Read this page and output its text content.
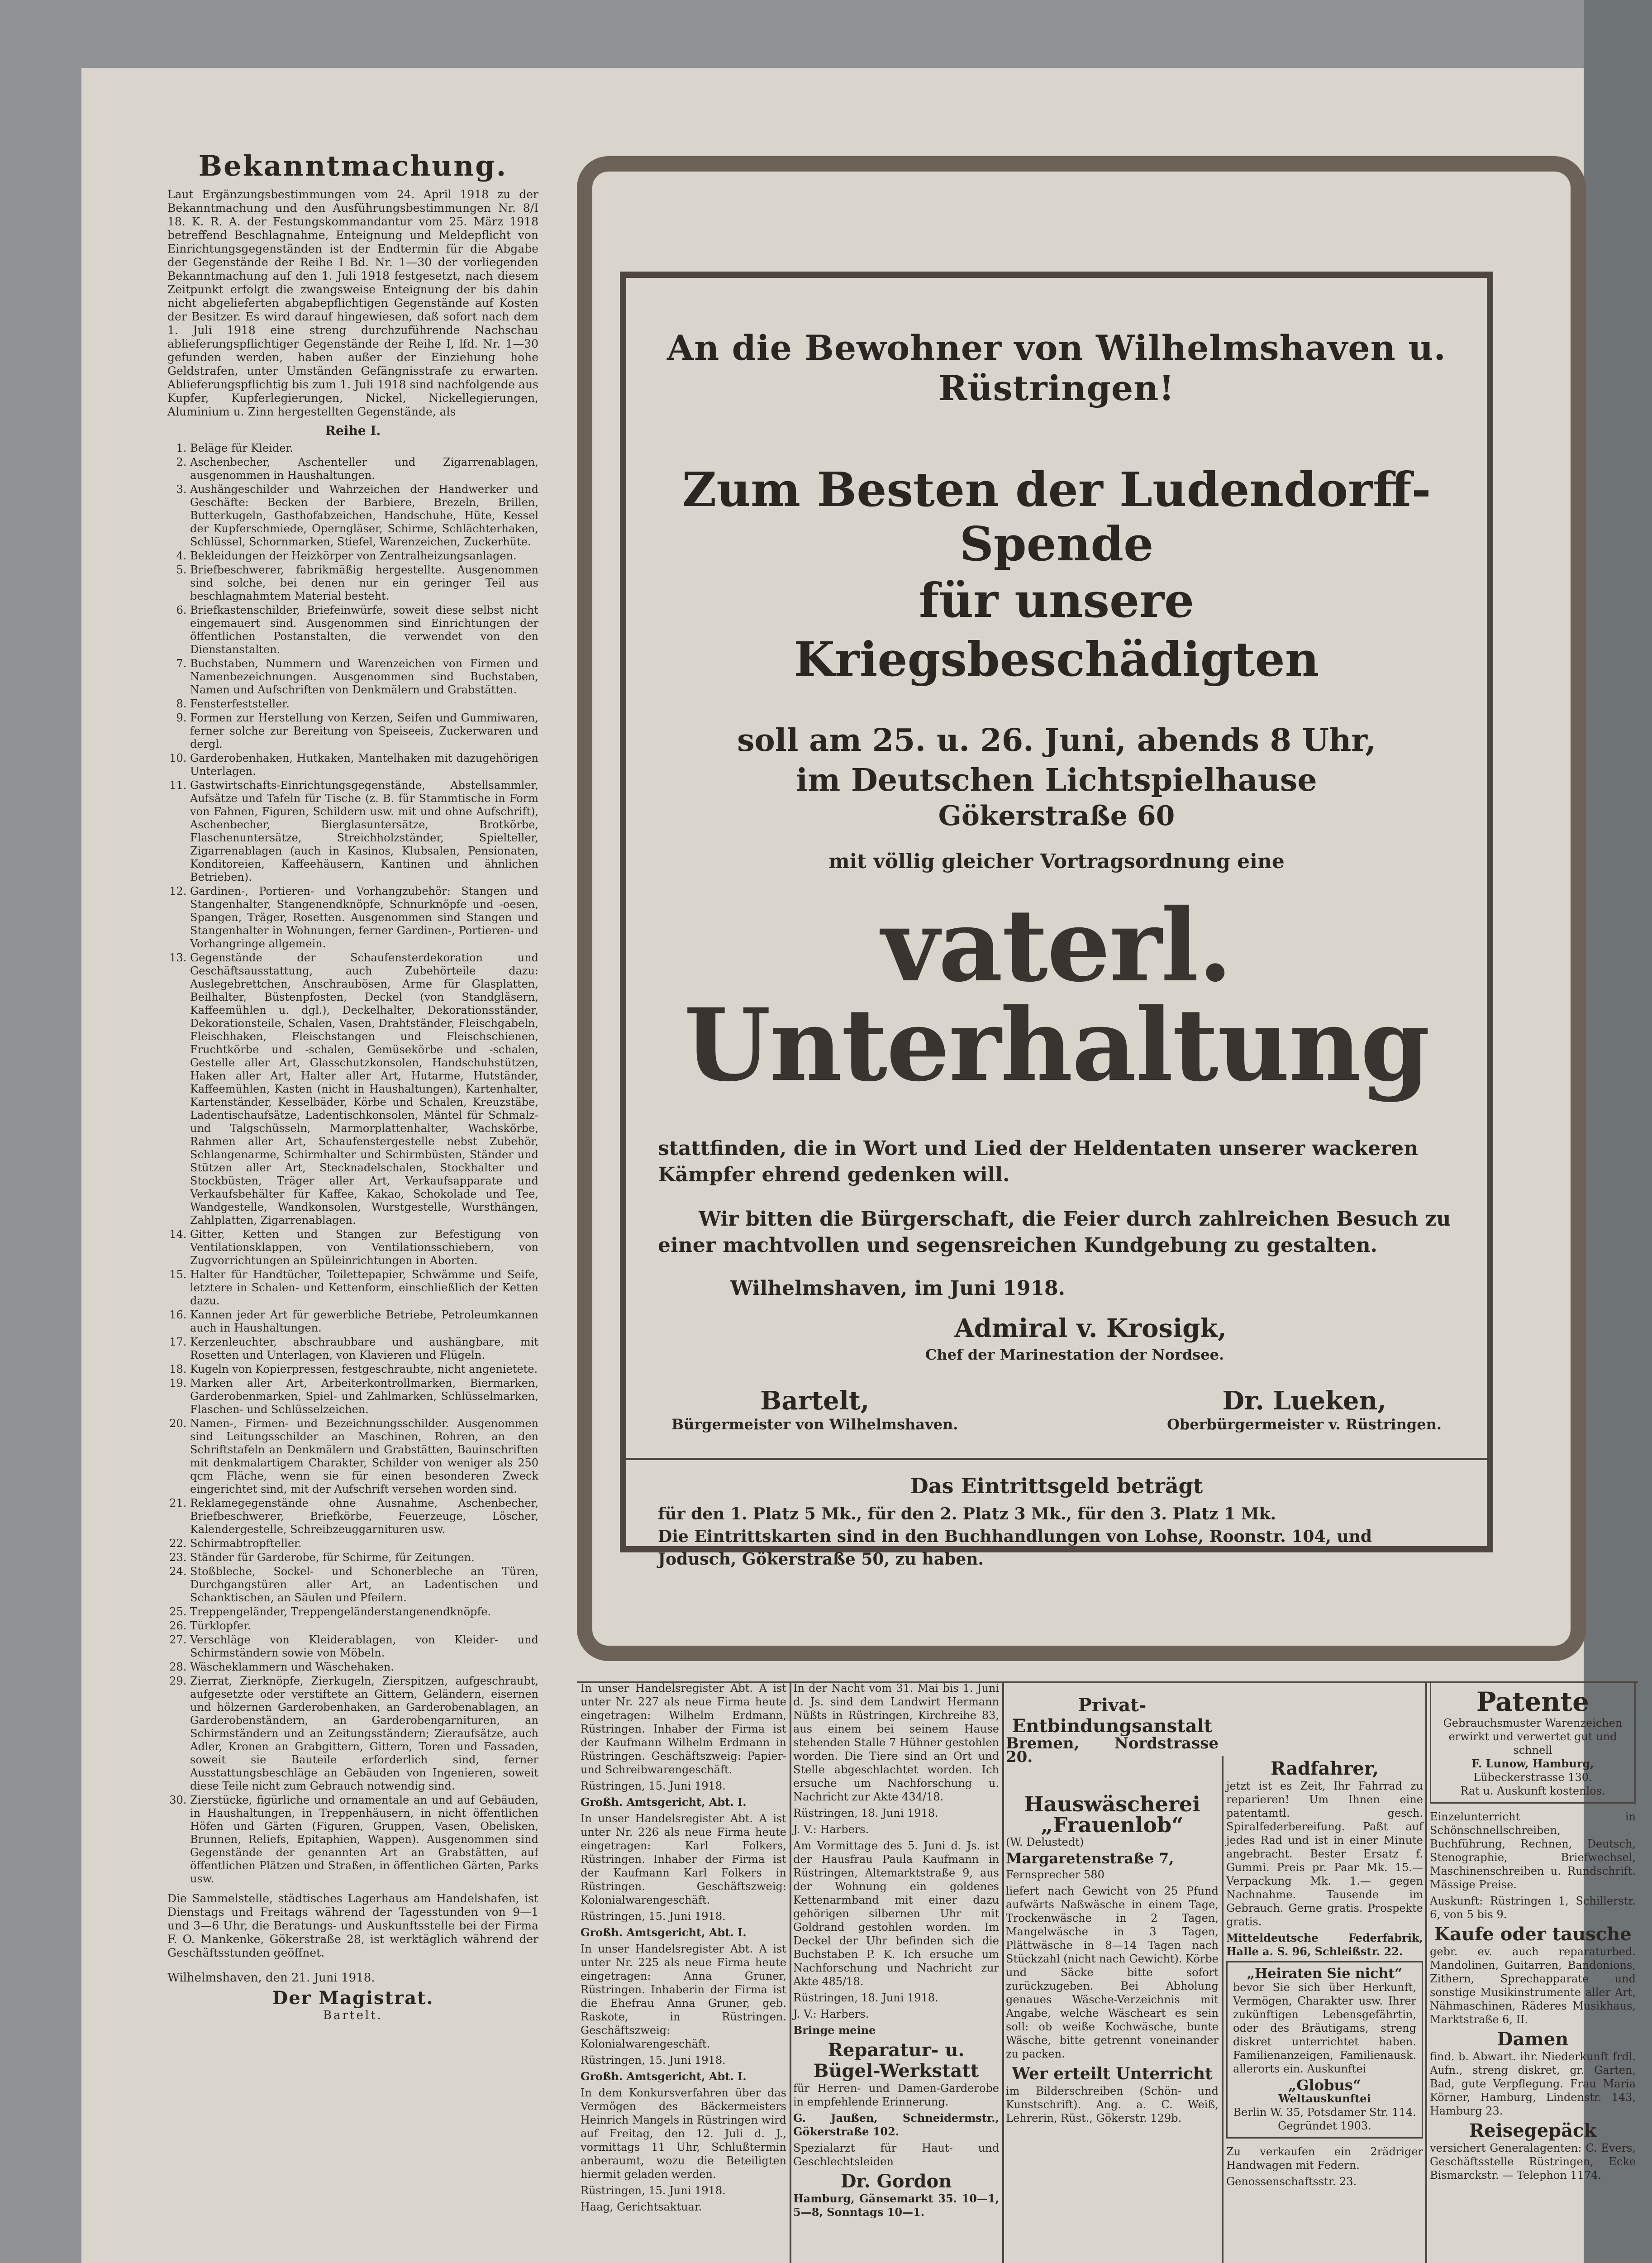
Bekanntmachung.

Laut Ergänzungsbestimmungen vom 24. April 1918 zu der Bekanntmachung und den Ausführungsbestimmungen Nr. 8/I 18. K. R. A. der Festungskommandantur vom 25. März 1918 betreffend Beschlagnahme, Enteignung und Meldepflicht von Einrichtungsgegenständen ist der Endtermin für die Abgabe der Gegenstände der Reihe I Bd. Nr. 1—30 der vorliegenden Bekanntmachung auf den 1. Juli 1918 festgesetzt, nach diesem Zeitpunkt erfolgt die zwangsweise Enteignung der bis dahin nicht abgelieferten abgabepflichtigen Gegenstände auf Kosten der Besitzer. Es wird darauf hingewiesen, daß sofort nach dem 1. Juli 1918 eine streng durchzuführende Nachschau ablieferungspflichtiger Gegenstände der Reihe I, lfd. Nr. 1—30 gefunden werden, haben außer der Einziehung hohe Geldstrafen, unter Umständen Gefängnisstrafe zu erwarten. Ablieferungspflichtig bis zum 1. Juli 1918 sind nachfolgende aus Kupfer, Kupferlegierungen, Nickel, Nickellegierungen, Aluminium u. Zinn hergestellten Gegenstände, als

Reihe I.
1. Beläge für Kleider.
2. Aschenbecher, Aschenteller und Zigarrenablagen, ausgenommen in Haushaltungen.
3. Aushängeschilder und Wahrzeichen der Handwerker und Geschäfte: Becken der Barbiere, Brezeln, Brillen, Butterkugeln, Gasthofabzeichen, Handschuhe, Hüte, Kessel der Kupferschmiede, Operngläser, Schirme, Schlächterhaken, Schlüssel, Schornmarken, Stiefel, Warenzeichen, Zuckerhüte.
4. Bekleidungen der Heizkörper von Zentralheizungsanlagen.
5. Briefbeschwerer, fabrikmäßig hergestellte. Ausgenommen sind solche, bei denen nur ein geringer Teil aus beschlagnahmtem Material besteht.
6. Briefkastenschilder, Briefeinwürfe, soweit diese selbst nicht eingemauert sind. Ausgenommen sind Einrichtungen der öffentlichen Postanstalten, die verwendet von den Dienstanstalten.
7. Buchstaben, Nummern und Warenzeichen von Firmen und Namenbezeichnungen. Ausgenommen sind Buchstaben, Namen und Aufschriften von Denkmälern und Grabstätten.
8. Fensterfeststeller.
9. Formen zur Herstellung von Kerzen, Seifen und Gummiwaren, ferner solche zur Bereitung von Speiseeis, Zuckerwaren und dergl.
10. Garderobenhaken, Hutkaken, Mantelhaken mit dazugehörigen Unterlagen.
11. Gastwirtschafts-Einrichtungsgegenstände, Abstellsammler, Aufsätze und Tafeln für Tische (z. B. für Stammtische in Form von Fahnen, Figuren, Schildern usw. mit und ohne Aufschrift), Aschenbecher, Bierglasuntersätze, Brotkörbe, Flaschenuntersätze, Streichholzständer, Spielteller, Zigarrenablagen (auch in Kasinos, Klubsalen, Pensionaten, Konditoreien, Kaffeehäusern, Kantinen und ähnlichen Betrieben).
12. Gardinen-, Portieren- und Vorhangzubehör: Stangen und Stangenhalter, Stangenendknöpfe, Schnurknöpfe und -oesen, Spangen, Träger, Rosetten. Ausgenommen sind Stangen und Stangenhalter in Wohnungen, ferner Gardinen-, Portieren- und Vorhangringe allgemein.
13. Gegenstände der Schaufensterdekoration und Geschäftsausstattung, auch Zubehörteile dazu: Auslegebrettchen, Anschraubösen, Arme für Glasplatten, Beilhalter, Büstenpfosten, Deckel (von Standgläsern, Kaffeemühlen u. dgl.), Deckelhalter, Dekorationsständer, Dekorationsteile, Schalen, Vasen, Drahtständer, Fleischgabeln, Fleischhaken, Fleischstangen und Fleischschienen, Fruchtkörbe und -schalen, Gemüsekörbe und -schalen, Gestelle aller Art, Glasschutzkonsolen, Handschuhstützen, Haken aller Art, Halter aller Art, Hutarme, Hutständer, Kaffeemühlen, Kasten (nicht in Haushaltungen), Kartenhalter, Kartenständer, Kesselbäder, Körbe und Schalen, Kreuzstäbe, Ladentischaufsätze, Ladentischkonsolen, Mäntel für Schmalz- und Talgschüsseln, Marmorplattenhalter, Wachskörbe, Rahmen aller Art, Schaufenstergestelle nebst Zubehör, Schlangenarme, Schirmhalter und Schirmbüsten, Ständer und Stützen aller Art, Stecknadelschalen, Stockhalter und Stockbüsten, Träger aller Art, Verkaufsapparate und Verkaufsbehälter für Kaffee, Kakao, Schokolade und Tee, Wandgestelle, Wandkonsolen, Wurstgestelle, Wursthängen, Zahlplatten, Zigarrenablagen.
14. Gitter, Ketten und Stangen zur Befestigung von Ventilationsklappen, von Ventilationsschiebern, von Zugvorrichtungen an Spüleinrichtungen in Aborten.
15. Halter für Handtücher, Toilettepapier, Schwämme und Seife, letztere in Schalen- und Kettenform, einschließlich der Ketten dazu.
16. Kannen jeder Art für gewerbliche Betriebe, Petroleumkannen auch in Haushaltungen.
17. Kerzenleuchter, abschraubbare und aushängbare, mit Rosetten und Unterlagen, von Klavieren und Flügeln.
18. Kugeln von Kopierpressen, festgeschraubte, nicht angenietete.
19. Marken aller Art, Arbeiterkontrollmarken, Biermarken, Garderobenmarken, Spiel- und Zahlmarken, Schlüsselmarken, Flaschen- und Schlüsselzeichen.
20. Namen-, Firmen- und Bezeichnungsschilder. Ausgenommen sind Leitungsschilder an Maschinen, Rohren, an den Schriftstafeln an Denkmälern und Grabstätten, Bauinschriften mit denkmalartigem Charakter, Schilder von weniger als 250 qcm Fläche, wenn sie für einen besonderen Zweck eingerichtet sind, mit der Aufschrift versehen worden sind.
21. Reklamegegenstände ohne Ausnahme, Aschenbecher, Briefbeschwerer, Briefkörbe, Feuerzeuge, Löscher, Kalendergestelle, Schreibzeuggarnituren usw.
22. Schirmabtropfteller.
23. Ständer für Garderobe, für Schirme, für Zeitungen.
24. Stoßbleche, Sockel- und Schonerbleche an Türen, Durchgangstüren aller Art, an Ladentischen und Schanktischen, an Säulen und Pfeilern.
25. Treppengeländer, Treppengeländerstangenendknöpfe.
26. Türklopfer.
27. Verschläge von Kleiderablagen, von Kleider- und Schirmständern sowie von Möbeln.
28. Wäscheklammern und Wäschehaken.
29. Zierrat, Zierknöpfe, Zierkugeln, Zierspitzen, aufgeschraubt, aufgesetzte oder verstiftete an Gittern, Geländern, eisernen und hölzernen Garderobenhaken, an Garderobenablagen, an Garderobenständern, an Garderobengarnituren, an Schirmständern und an Zeitungsständern; Zieraufsätze, auch Adler, Kronen an Grabgittern, Gittern, Toren und Fassaden, soweit sie Bauteile erforderlich sind, ferner Ausstattungsbeschläge an Gebäuden von Ingenieren, soweit diese Teile nicht zum Gebrauch notwendig sind.
30. Zierstücke, figürliche und ornamentale an und auf Gebäuden, in Haushaltungen, in Treppenhäusern, in nicht öffentlichen Höfen und Gärten (Figuren, Gruppen, Vasen, Obelisken, Brunnen, Reliefs, Epitaphien, Wappen). Ausgenommen sind Gegenstände der genannten Art an Grabstätten, auf öffentlichen Plätzen und Straßen, in öffentlichen Gärten, Parks usw.

Die Sammelstelle, städtisches Lagerhaus am Handelshafen, ist Dienstags und Freitags während der Tagesstunden von 9—1 und 3—6 Uhr, die Beratungs- und Auskunftsstelle bei der Firma F. O. Mankenke, Gökerstraße 28, ist werktäglich während der Geschäftsstunden geöffnet.

Wilhelmshaven, den 21. Juni 1918.
Der Magistrat.
Bartelt.
An die Bewohner von Wilhelmshaven u. Rüstringen!
Zum Besten der Ludendorff-Spende
für unsere Kriegsbeschädigten
soll am 25. u. 26. Juni, abends 8 Uhr,
im Deutschen Lichtspielhause
Gökerstraße 60
mit völlig gleicher Vortragsordnung eine
vaterl. Unterhaltung

stattfinden, die in Wort und Lied der Heldentaten unserer wackeren Kämpfer ehrend gedenken will.

Wir bitten die Bürgerschaft, die Feier durch zahlreichen Besuch zu einer machtvollen und segensreichen Kundgebung zu gestalten.

Wilhelmshaven, im Juni 1918.
Admiral v. Krosigk,
Chef der Marinestation der Nordsee.
Bartelt,
Bürgermeister von Wilhelmshaven.
Dr. Lueken,
Oberbürgermeister v. Rüstringen.
Das Eintrittsgeld beträgt

für den 1. Platz 5 Mk., für den 2. Platz 3 Mk., für den 3. Platz 1 Mk.

Die Eintrittskarten sind in den Buchhandlungen von Lohse, Roonstr. 104, und Jodusch, Gökerstraße 50, zu haben.

In unser Handelsregister Abt. A ist unter Nr. 227 als neue Firma heute eingetragen: Wilhelm Erdmann, Rüstringen. Inhaber der Firma ist der Kaufmann Wilhelm Erdmann in Rüstringen. Geschäftszweig: Papier- und Schreibwarengeschäft.

Rüstringen, 15. Juni 1918.

Großh. Amtsgericht, Abt. I.

In unser Handelsregister Abt. A ist unter Nr. 226 als neue Firma heute eingetragen: Karl Folkers, Rüstringen. Inhaber der Firma ist der Kaufmann Karl Folkers in Rüstringen. Geschäftszweig: Kolonialwarengeschäft.

Rüstringen, 15. Juni 1918.

Großh. Amtsgericht, Abt. I.

In unser Handelsregister Abt. A ist unter Nr. 225 als neue Firma heute eingetragen: Anna Gruner, Rüstringen. Inhaberin der Firma ist die Ehefrau Anna Gruner, geb. Raskote, in Rüstringen. Geschäftszweig: Kolonialwarengeschäft.

Rüstringen, 15. Juni 1918.

Großh. Amtsgericht, Abt. I.

In dem Konkursverfahren über das Vermögen des Bäckermeisters Heinrich Mangels in Rüstringen wird auf Freitag, den 12. Juli d. J., vormittags 11 Uhr, Schlußtermin anberaumt, wozu die Beteiligten hiermit geladen werden.

Rüstringen, 15. Juni 1918.

Haag, Gerichtsaktuar.

In der Nacht vom 31. Mai bis 1. Juni d. Js. sind dem Landwirt Hermann Nüßts in Rüstringen, Kirchreihe 83, aus einem bei seinem Hause stehenden Stalle 7 Hühner gestohlen worden. Die Tiere sind an Ort und Stelle abgeschlachtet worden. Ich ersuche um Nachforschung u. Nachricht zur Akte 434/18.

Rüstringen, 18. Juni 1918.

J. V.: Harbers.

Am Vormittage des 5. Juni d. Js. ist der Hausfrau Paula Kaufmann in Rüstringen, Altemarktstraße 9, aus der Wohnung ein goldenes Kettenarmband mit einer dazu gehörigen silbernen Uhr mit Goldrand gestohlen worden. Im Deckel der Uhr befinden sich die Buchstaben P. K. Ich ersuche um Nachforschung und Nachricht zur Akte 485/18.

Rüstringen, 18. Juni 1918.

J. V.: Harbers.

Bringe meine

Reparatur- u. Bügel-Werkstatt

für Herren- und Damen-Garderobe in empfehlende Erinnerung.

G. Jaußen, Schneidermstr., Gökerstraße 102.

Spezialarzt für Haut- und Geschlechtsleiden

Dr. Gordon

Hamburg, Gänsemarkt 35. 10—1, 5—8, Sonntags 10—1.

Privat-Entbindungsanstalt

Bremen, Nordstrasse 20.

Hauswäscherei „Frauenlob“

(W. Delustedt)

Margaretenstraße 7,

Fernsprecher 580

liefert nach Gewicht von 25 Pfund aufwärts Naßwäsche in einem Tage, Trockenwäsche in 2 Tagen, Mangelwäsche in 3 Tagen, Plättwäsche in 8—14 Tagen nach Stückzahl (nicht nach Gewicht). Körbe und Säcke bitte sofort zurückzugeben. Bei Abholung genaues Wäsche-Verzeichnis mit Angabe, welche Wäscheart es sein soll: ob weiße Kochwäsche, bunte Wäsche, bitte getrennt voneinander zu packen.

Wer erteilt Unterricht

im Bilderschreiben (Schön- und Kunstschrift). Ang. a. C. Weiß, Lehrerin, Rüst., Gökerstr. 129b.

Radfahrer,

jetzt ist es Zeit, Ihr Fahrrad zu reparieren! Um Ihnen eine patentamtl. gesch. Spiralfederbereifung. Paßt auf jedes Rad und ist in einer Minute angebracht. Bester Ersatz f. Gummi. Preis pr. Paar Mk. 15.— Verpackung Mk. 1.— gegen Nachnahme. Tausende im Gebrauch. Gerne gratis. Prospekte gratis.

Mitteldeutsche Federfabrik, Halle a. S. 96, Schleißstr. 22.

„Heiraten Sie nicht“

bevor Sie sich über Herkunft, Vermögen, Charakter usw. Ihrer zukünftigen Lebensgefährtin, oder des Bräutigams, streng diskret unterrichtet haben. Familienanzeigen, Familienausk. allerorts ein. Auskunftei

„Globus“
Weltauskunftei
Berlin W. 35, Potsdamer Str. 114.
Gegründet 1903.

Zu verkaufen ein 2rädriger Handwagen mit Federn.

Genossenschaftsstr. 23.

Patente
Gebrauchsmuster Warenzeichen
erwirkt und verwertet gut und schnell
F. Lunow, Hamburg,
Lübeckerstrasse 130.
Rat u. Auskunft kostenlos.

Einzelunterricht in Schönschnellschreiben, Buchführung, Rechnen, Deutsch, Stenographie, Briefwechsel, Maschinenschreiben u. Rundschrift. Mässige Preise.

Auskunft: Rüstringen 1, Schillerstr. 6, von 5 bis 9.

Kaufe oder tausche

gebr. ev. auch reparaturbed. Mandolinen, Guitarren, Bandonions, Zithern, Sprechapparate und sonstige Musikinstrumente aller Art, Nähmaschinen, Räderes Musikhaus, Marktstraße 6, II.

Damen

find. b. Abwart. ihr. Niederkunft frdl. Aufn., streng diskret, gr. Garten, Bad, gute Verpflegung. Frau Maria Körner, Hamburg, Lindenstr. 143, Hamburg 23.

Reisegepäck

versichert Generalagenten: C. Evers, Geschäftsstelle Rüstringen, Ecke Bismarckstr. — Telephon 1174.
